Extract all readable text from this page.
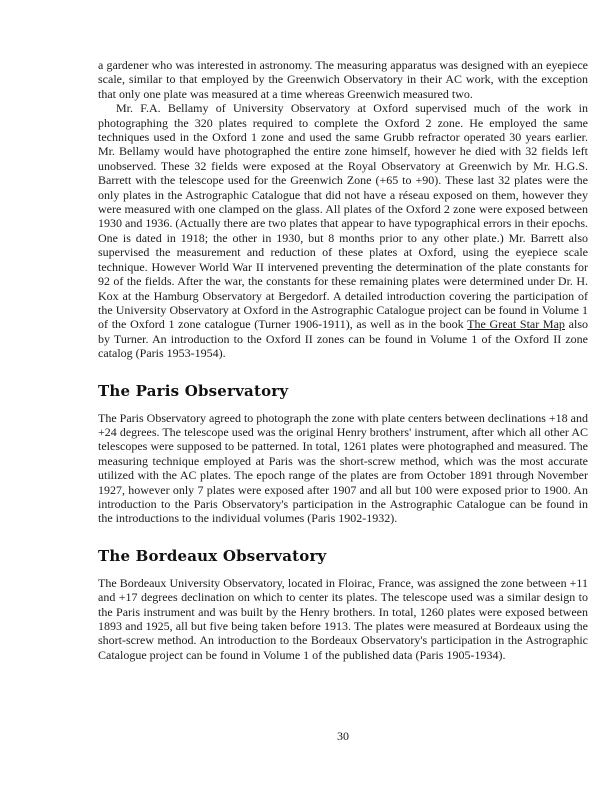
a gardener who was interested in astronomy. The measuring apparatus was designed with an eyepiece scale, similar to that employed by the Greenwich Observatory in their AC work, with the exception that only one plate was measured at a time whereas Greenwich measured two.

Mr. F.A. Bellamy of University Observatory at Oxford supervised much of the work in photographing the 320 plates required to complete the Oxford 2 zone. He employed the same techniques used in the Oxford 1 zone and used the same Grubb refractor operated 30 years earlier. Mr. Bellamy would have photographed the entire zone himself, however he died with 32 fields left unobserved. These 32 fields were exposed at the Royal Observatory at Greenwich by Mr. H.G.S. Barrett with the telescope used for the Greenwich Zone (+65 to +90). These last 32 plates were the only plates in the Astrographic Catalogue that did not have a réseau exposed on them, however they were measured with one clamped on the glass. All plates of the Oxford 2 zone were exposed between 1930 and 1936. (Actually there are two plates that appear to have typographical errors in their epochs. One is dated in 1918; the other in 1930, but 8 months prior to any other plate.) Mr. Barrett also supervised the measurement and reduction of these plates at Oxford, using the eyepiece scale technique. However World War II intervened preventing the determination of the plate constants for 92 of the fields. After the war, the constants for these remaining plates were determined under Dr. H. Kox at the Hamburg Observatory at Bergedorf. A detailed introduction covering the participation of the University Observatory at Oxford in the Astrographic Catalogue project can be found in Volume 1 of the Oxford 1 zone catalogue (Turner 1906-1911), as well as in the book The Great Star Map also by Turner. An introduction to the Oxford II zones can be found in Volume 1 of the Oxford II zone catalog (Paris 1953-1954).

The Paris Observatory

The Paris Observatory agreed to photograph the zone with plate centers between declinations +18 and +24 degrees. The telescope used was the original Henry brothers' instrument, after which all other AC telescopes were supposed to be patterned. In total, 1261 plates were photographed and measured. The measuring technique employed at Paris was the short-screw method, which was the most accurate utilized with the AC plates. The epoch range of the plates are from October 1891 through November 1927, however only 7 plates were exposed after 1907 and all but 100 were exposed prior to 1900. An introduction to the Paris Observatory's participation in the Astrographic Catalogue can be found in the introductions to the individual volumes (Paris 1902-1932).

The Bordeaux Observatory

The Bordeaux University Observatory, located in Floirac, France, was assigned the zone between +11 and +17 degrees declination on which to center its plates. The telescope used was a similar design to the Paris instrument and was built by the Henry brothers. In total, 1260 plates were exposed between 1893 and 1925, all but five being taken before 1913. The plates were measured at Bordeaux using the short-screw method. An introduction to the Bordeaux Observatory's participation in the Astrographic Catalogue project can be found in Volume 1 of the published data (Paris 1905-1934).

30
